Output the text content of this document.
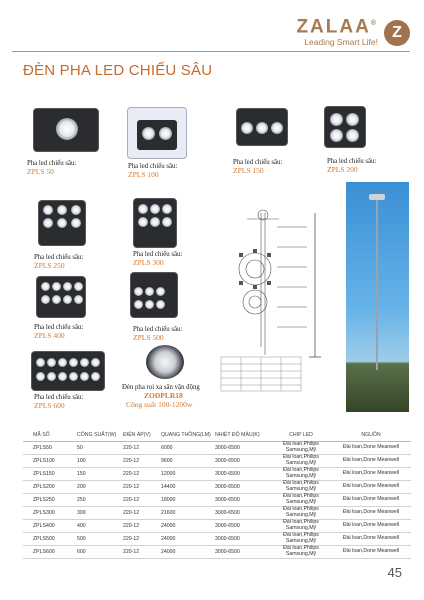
ZALAA®
Leading Smart Life!
Z
ĐÈN PHA LED CHIẾU SÂU
Pha led chiếu sâu:
ZPLS 50
Pha led chiếu sâu:
ZPLS 100
Pha led chiếu sâu:
ZPLS 150
Pha led chiếu sâu:
ZPLS 200
Pha led chiếu sâu:
ZPLS 250
Pha led chiếu sâu:
ZPLS 300
Pha led chiếu sâu:
ZPLS 400
Pha led chiếu sâu:
ZPLS 500
Pha led chiếu sâu:
ZPLS 600
Đèn pha rọi xa sân vận động
ZODPLR18
Công suất 100-1200w
MÃ SỐ	CÔNG SUẤT(W)	ĐIỆN ÁP(V)	QUANG THÔNG(LM)	NHIỆT ĐỘ MÀU(K)	CHIP LED	NGUỒN
ZPLS50	50	220-12	6000	3000-6500	Đài loan,Philips Samsung,Mỹ	Đài loan,Done Meanwell
ZPLS100	100	220-12	9600	3000-6500	Đài loan,Philips Samsung,Mỹ	Đài loan,Done Meanwell
ZPLS150	150	220-12	12000	3000-6500	Đài loan,Philips Samsung,Mỹ	Đài loan,Done Meanwell
ZPLS200	200	220-12	14400	3000-6500	Đài loan,Philips Samsung,Mỹ	Đài loan,Done Meanwell
ZPLS250	250	220-12	18000	3000-6500	Đài loan,Philips Samsung,Mỹ	Đài loan,Done Meanwell
ZPLS300	300	220-12	21600	3000-6500	Đài loan,Philips Samsung,Mỹ	Đài loan,Done Meanwell
ZPLS400	400	220-12	24000	3000-6500	Đài loan,Philips Samsung,Mỹ	Đài loan,Done Meanwell
ZPLS500	500	220-12	24000	3000-6500	Đài loan,Philips Samsung,Mỹ	Đài loan,Done Meanwell
ZPLS600	600	220-12	24000	3000-6500	Đài loan,Philips Samsung,Mỹ	Đài loan,Done Meanwell
45
